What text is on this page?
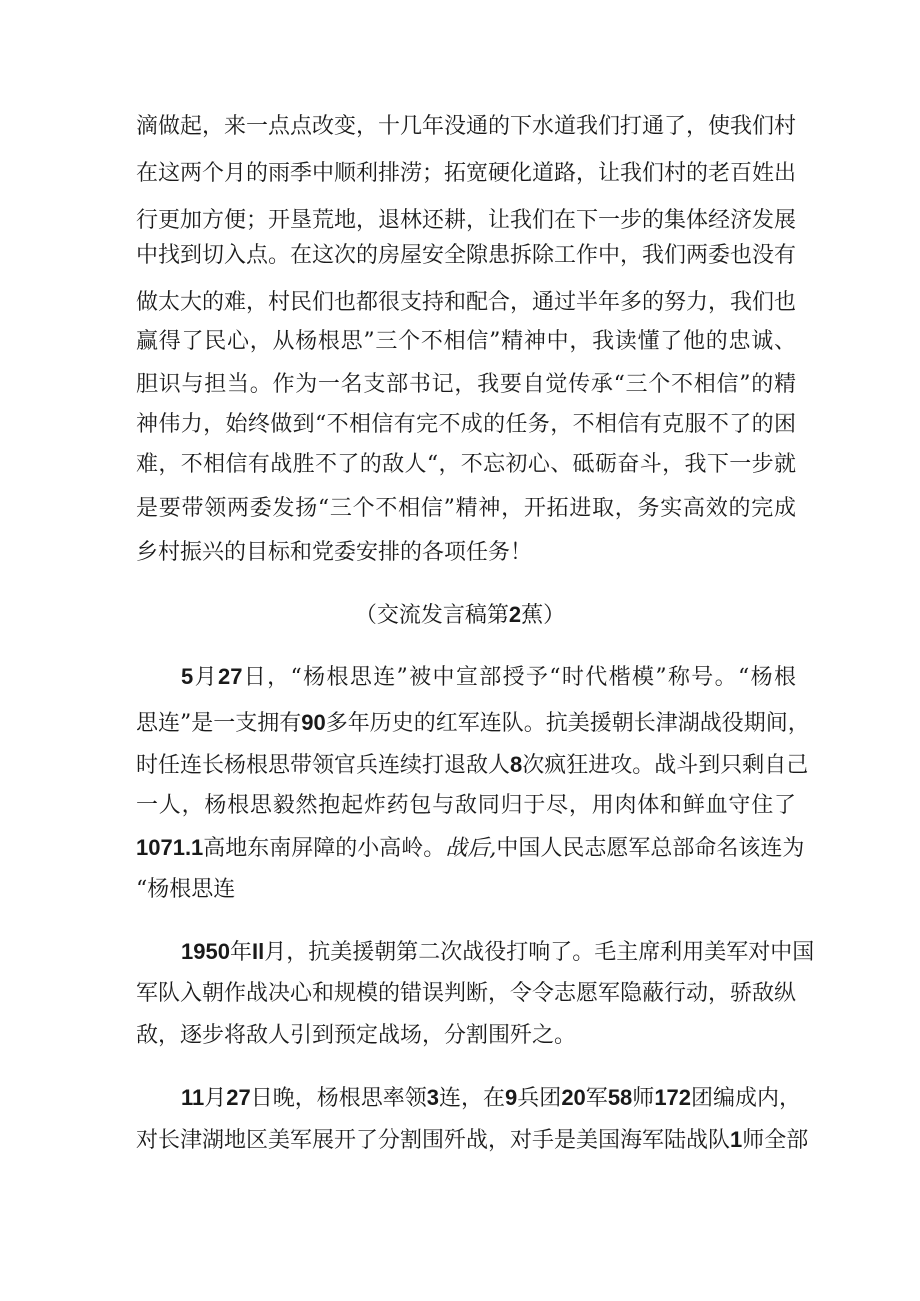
滴做起，来一点点改变，十几年没通的下水道我们打通了，使我们村
在这两个月的雨季中顺利排涝；拓宽硬化道路，让我们村的老百姓出
行更加方便；开垦荒地，退林还耕，让我们在下一步的集体经济发展
中找到切入点。在这次的房屋安全隙患拆除工作中，我们两委也没有
做太大的难，村民们也都很支持和配合，通过半年多的努力，我们也
赢得了民心，从杨根思”三个不相信”精神中，我读懂了他的忠诚、
胆识与担当。作为一名支部书记，我要自觉传承“三个不相信”的精
神伟力，始终做到“不相信有完不成的任务，不相信有克服不了的困
难，不相信有战胜不了的敌人“，不忘初心、砥砺奋斗，我下一步就
是要带领两委发扬“三个不相信”精神，开拓进取，务实高效的完成
乡村振兴的目标和党委安排的各项任务！
（交流发言稿第2蕉）
5月27日，“杨根思连”被中宣部授予“时代楷模”称号。“杨根
思连”是一支拥有90多年历史的红军连队。抗美援朝长津湖战役期间，
时任连长杨根思带领官兵连续打退敌人8次疯狂进攻。战斗到只剩自己
一人，杨根思毅然抱起炸药包与敌同归于尽，用肉体和鲜血守住了
1071.1高地东南屏障的小高岭。战后,中国人民志愿军总部命名该连为
“杨根思连
1950年Il月，抗美援朝第二次战役打响了。毛主席利用美军对中国
军队入朝作战决心和规模的错误判断，令令志愿军隐蔽行动，骄敌纵
敌，逐步将敌人引到预定战场，分割围歼之。
11月27日晚，杨根思率领3连，在9兵团20军58师172团编成内，
对长津湖地区美军展开了分割围歼战，对手是美国海军陆战队1师全部
